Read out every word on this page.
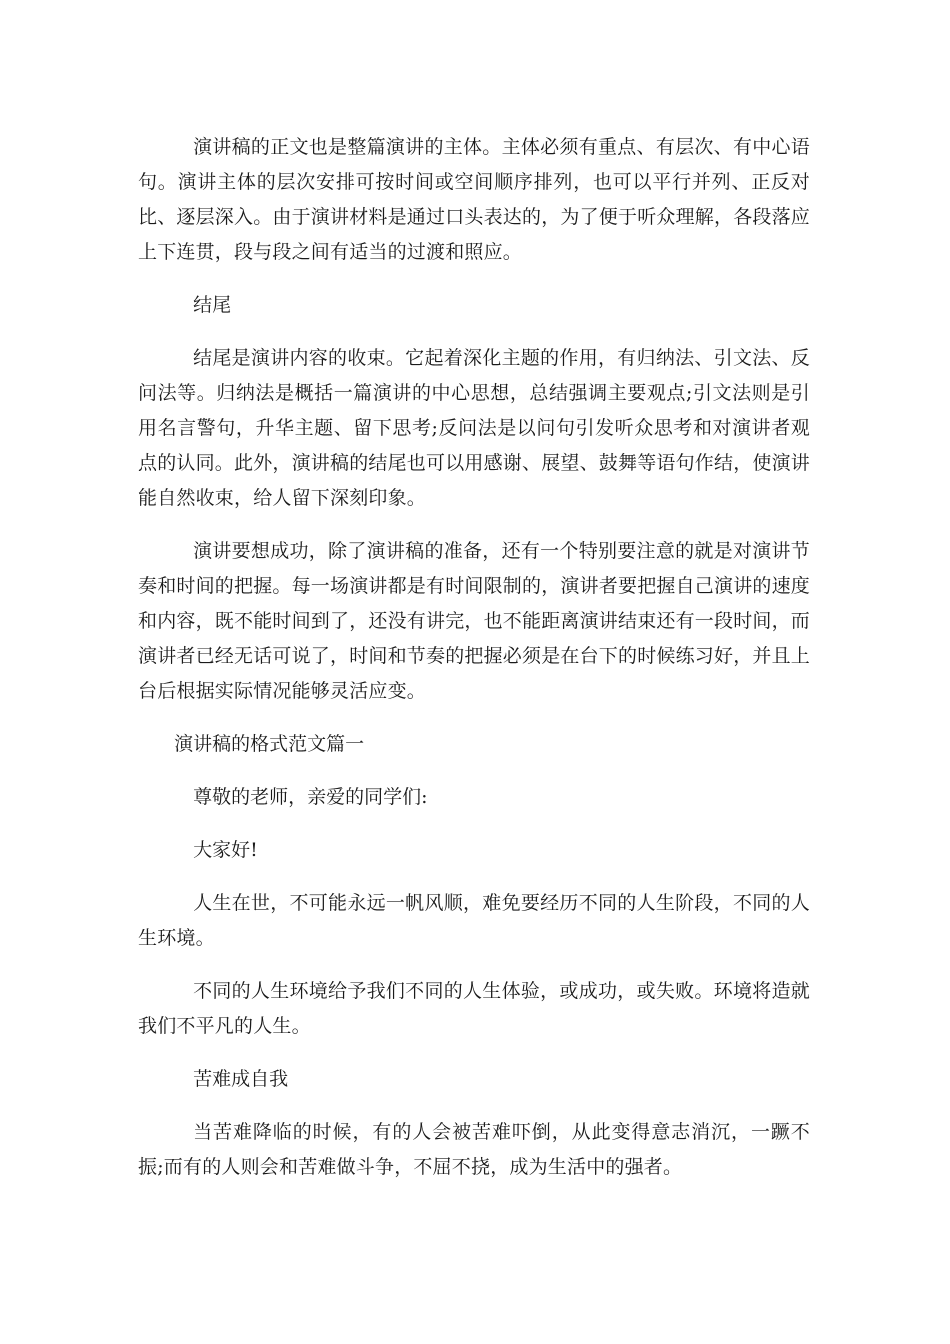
演讲稿的正文也是整篇演讲的主体。主体必须有重点、有层次、有中心语句。演讲主体的层次安排可按时间或空间顺序排列，也可以平行并列、正反对比、逐层深入。由于演讲材料是通过口头表达的，为了便于听众理解，各段落应上下连贯，段与段之间有适当的过渡和照应。

结尾

结尾是演讲内容的收束。它起着深化主题的作用，有归纳法、引文法、反问法等。归纳法是概括一篇演讲的中心思想，总结强调主要观点;引文法则是引用名言警句，升华主题、留下思考;反问法是以问句引发听众思考和对演讲者观点的认同。此外，演讲稿的结尾也可以用感谢、展望、鼓舞等语句作结，使演讲能自然收束，给人留下深刻印象。

演讲要想成功，除了演讲稿的准备，还有一个特别要注意的就是对演讲节奏和时间的把握。每一场演讲都是有时间限制的，演讲者要把握自己演讲的速度和内容，既不能时间到了，还没有讲完，也不能距离演讲结束还有一段时间，而演讲者已经无话可说了，时间和节奏的把握必须是在台下的时候练习好，并且上台后根据实际情况能够灵活应变。

演讲稿的格式范文篇一

尊敬的老师，亲爱的同学们:

大家好!

人生在世，不可能永远一帆风顺，难免要经历不同的人生阶段，不同的人生环境。

不同的人生环境给予我们不同的人生体验，或成功，或失败。环境将造就我们不平凡的人生。

苦难成自我

当苦难降临的时候，有的人会被苦难吓倒，从此变得意志消沉，一蹶不振;而有的人则会和苦难做斗争，不屈不挠，成为生活中的强者。
